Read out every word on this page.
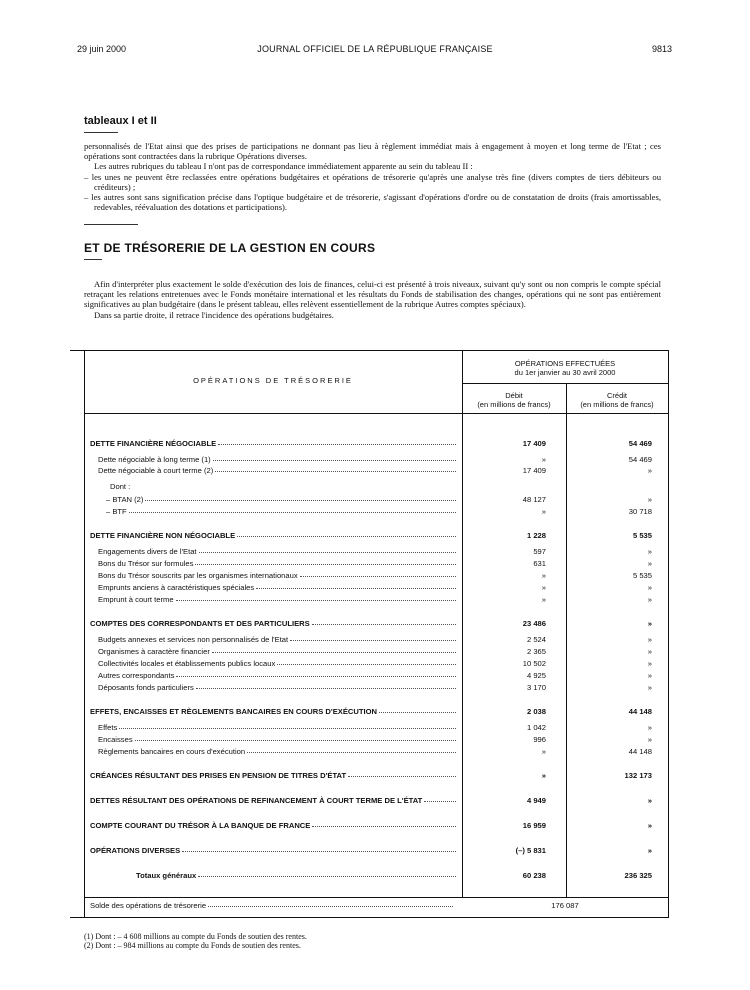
29 juin 2000	JOURNAL OFFICIEL DE LA RÉPUBLIQUE FRANÇAISE	9813
tableaux I et II

personnalisés de l'Etat ainsi que des prises de participations ne donnant pas lieu à règlement immédiat mais à engagement à moyen et long terme de l'Etat ; ces opérations sont contractées dans la rubrique Opérations diverses.

Les autres rubriques du tableau I n'ont pas de correspondance immédiatement apparente au sein du tableau II :

– les unes ne peuvent être reclassées entre opérations budgétaires et opérations de trésorerie qu'après une analyse très fine (divers comptes de tiers débiteurs ou créditeurs) ;

– les autres sont sans signification précise dans l'optique budgétaire et de trésorerie, s'agissant d'opérations d'ordre ou de constatation de droits (frais amortissables, redevables, réévaluation des dotations et participations).

ET DE TRÉSORERIE DE LA GESTION EN COURS

Afin d'interpréter plus exactement le solde d'exécution des lois de finances, celui-ci est présenté à trois niveaux, suivant qu'y sont ou non compris le compte spécial retraçant les relations entretenues avec le Fonds monétaire international et les résultats du Fonds de stabilisation des changes, opérations qui ne sont pas entièrement significatives au plan budgétaire (dans le présent tableau, elles relèvent essentiellement de la rubrique Autres comptes spéciaux).

Dans sa partie droite, il retrace l'incidence des opérations budgétaires.

OPÉRATIONS DE TRÉSORERIE
OPÉRATIONS EFFECTUÉES
du 1er janvier au 30 avril 2000
Débit
(en millions de francs)
Crédit
(en millions de francs)
DETTE FINANCIÈRE NÉGOCIABLE	17 409	54 469
Dette négociable à long terme (1)	»	54 469
Dette négociable à court terme (2)	17 409	»
Dont :
– BTAN (2)	48 127	»
– BTF	»	30 718
DETTE FINANCIÈRE NON NÉGOCIABLE	1 228	5 535
Engagements divers de l'Etat	597	»
Bons du Trésor sur formules	631	»
Bons du Trésor souscrits par les organismes internationaux	»	5 535
Emprunts anciens à caractéristiques spéciales	»	»
Emprunt à court terme	»	»
COMPTES DES CORRESPONDANTS ET DES PARTICULIERS	23 486	»
Budgets annexes et services non personnalisés de l'Etat	2 524	»
Organismes à caractère financier	2 365	»
Collectivités locales et établissements publics locaux	10 502	»
Autres correspondants	4 925	»
Déposants fonds particuliers	3 170	»
EFFETS, ENCAISSES ET RÈGLEMENTS BANCAIRES EN COURS D'EXÉCUTION	2 038	44 148
Effets	1 042	»
Encaisses	996	»
Règlements bancaires en cours d'exécution	»	44 148
CRÉANCES RÉSULTANT DES PRISES EN PENSION DE TITRES D'ÉTAT	»	132 173
DETTES RÉSULTANT DES OPÉRATIONS DE REFINANCEMENT À COURT TERME DE L'ÉTAT	4 949	»
COMPTE COURANT DU TRÉSOR À LA BANQUE DE FRANCE	16 959	»
OPÉRATIONS DIVERSES	(–) 5 831	»
Totaux généraux	60 238	236 325
Solde des opérations de trésorerie	176 087

(1) Dont : – 4 608 millions au compte du Fonds de soutien des rentes.

(2) Dont : – 984 millions au compte du Fonds de soutien des rentes.
